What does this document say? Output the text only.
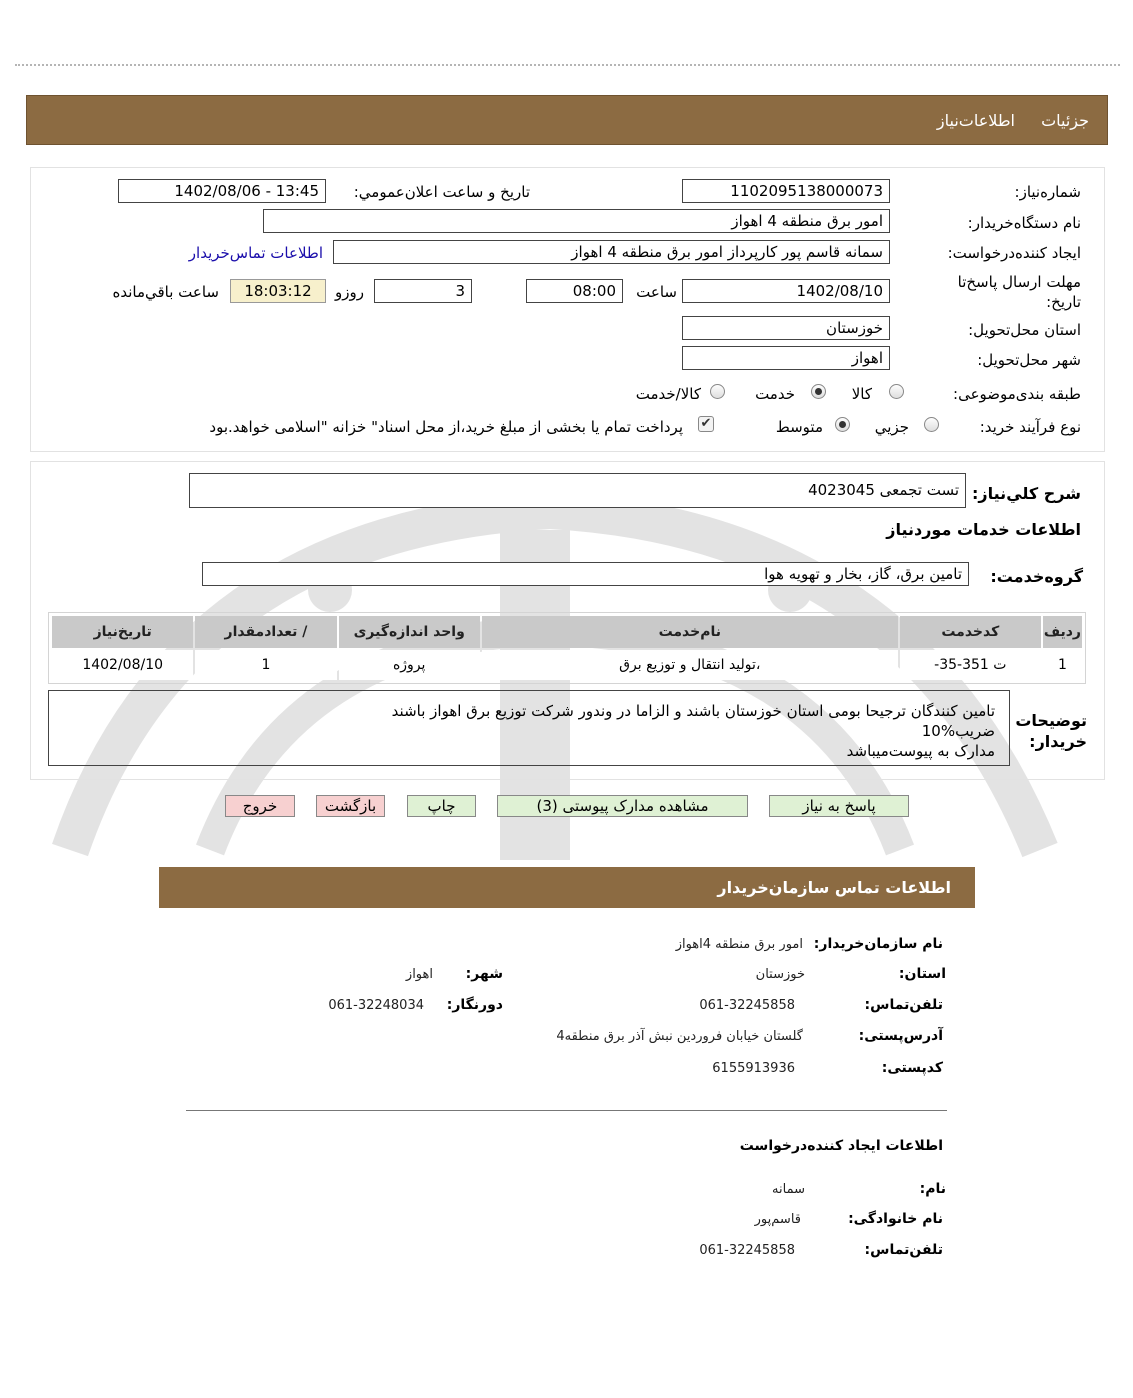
جزئیات
اطلاعات‌نیاز
شماره‌نیاز:
1102095138000073
تاریخ و ساعت اعلان‌عمومي:
1402/08/06 - 13:45
نام دستگاه‌خریدار:
امور برق منطقه 4 اهواز
ایجاد کننده‌درخواست:
سمانه قاسم پور کارپرداز امور برق منطقه 4 اهواز
اطلاعات تماس‌خریدار
مهلت ارسال پاسخ‌تا تاریخ:
1402/08/10
ساعت
08:00
3
روزو
18:03:12
ساعت باقي‌مانده
استان محل‌تحویل:
خوزستان
شهر محل‌تحویل:
اهواز
طبقه بندی‌موضوعی:
کالا
خدمت
کالا/خدمت
نوع فرآیند خرید:
جزیي
متوسط
✔
پرداخت تمام یا بخشی از مبلغ خرید،از محل اسناد" خزانه "اسلامی خواهد.بود
شرح کلي‌نیاز:
تست تجمعی 4023045
اطلاعات خدمات موردنیاز
گروه‌خدمت:
تامین برق، گاز، بخار و تهویه هوا
ردیف	کدخدمت	نام‌خدمت	واحد اندازه‌گیری	/ تعداد‌مقدار	تاریخ‌نیاز
1	ت 351-35-	،تولید انتقال و توزیع برق	پروژه	1	1402/08/10
توضیحات خریدار:
تامین کنندگان ترجیحا بومی استان خوزستان باشند و الزاما در وندور شرکت توزیع برق اهواز باشند
ضریب%10
مدارک به پیوست‌میباشد
پاسخ به نیاز
مشاهده مدارک پیوستی (3)
چاپ
بازگشت
خروج
اطلاعات تماس سازمان‌خریدار
نام سازمان‌خریدار:
امور برق منطقه 4اهواز
استان:
خوزستان
شهر:
اهواز
تلفن‌تماس:
061-32245858
دورنگار:
061-32248034
آدرس‌پستی:
گلستان خیابان فروردین نبش آذر برق منطقه4
کد‌پستی:
6155913936
اطلاعات ایجاد کننده‌درخواست
نام:
سمانه
نام خانوادگی:
قاسم‌پور
تلفن‌تماس:
061-32245858
